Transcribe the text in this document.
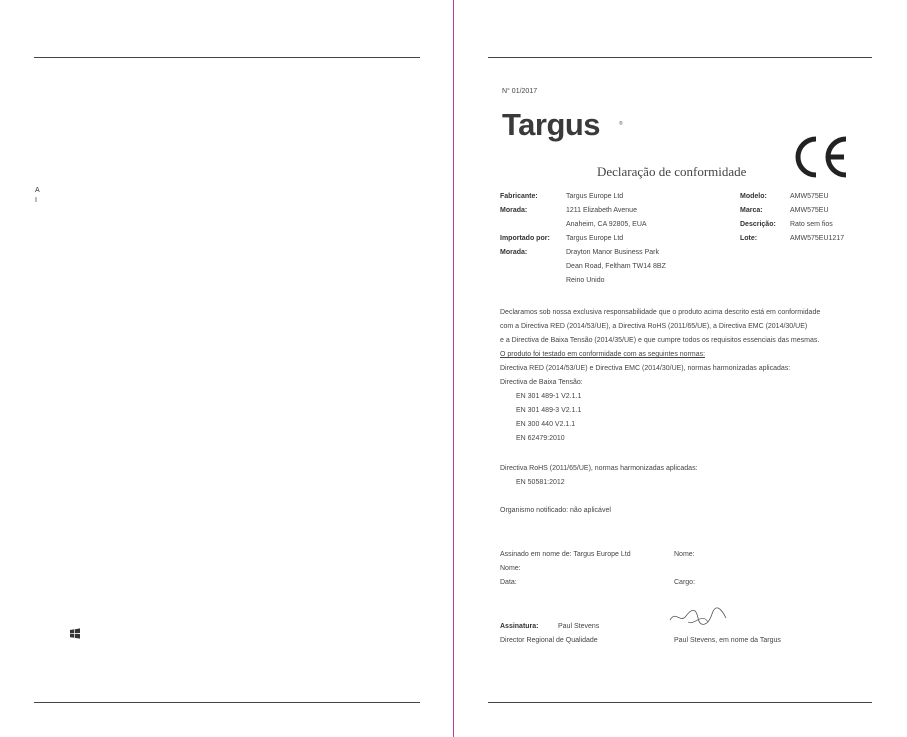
A
I
N° 01/2017
Targus	®
Declaração de conformidade
Fabricante:	Targus Europe Ltd
Morada:	1211 Elizabeth Avenue
Anaheim, CA 92805, EUA
Importado por: Targus Europe Ltd
Morada:	Drayton Manor Business Park
Dean Road, Feltham TW14 8BZ
Reino Unido
Modelo:	AMW575EU
Marca:	AMW575EU
Descrição: Rato sem fios
Lote:	AMW575EU1217
Declaramos sob nossa exclusiva responsabilidade que o produto acima descrito está em conformidade
com a Directiva RED (2014/53/UE), a Directiva RoHS (2011/65/UE), a Directiva EMC (2014/30/UE)
e a Directiva de Baixa Tensão (2014/35/UE) e que cumpre todos os requisitos essenciais das mesmas.
O produto foi testado em conformidade com as seguintes normas:
Directiva RED (2014/53/UE) e Directiva EMC (2014/30/UE), normas harmonizadas aplicadas:
Directiva de Baixa Tensão:
EN 301 489-1 V2.1.1
EN 301 489-3 V2.1.1
EN 300 440 V2.1.1
EN 62479:2010
Directiva RoHS (2011/65/UE), normas harmonizadas aplicadas:
EN 50581:2012
Organismo notificado: não aplicável
Assinado em nome de: Targus Europe Ltd
Nome:
Data:
Nome:
Cargo:
Assinatura:	Paul Stevens
Director Regional de Qualidade	Paul Stevens, em nome da Targus
